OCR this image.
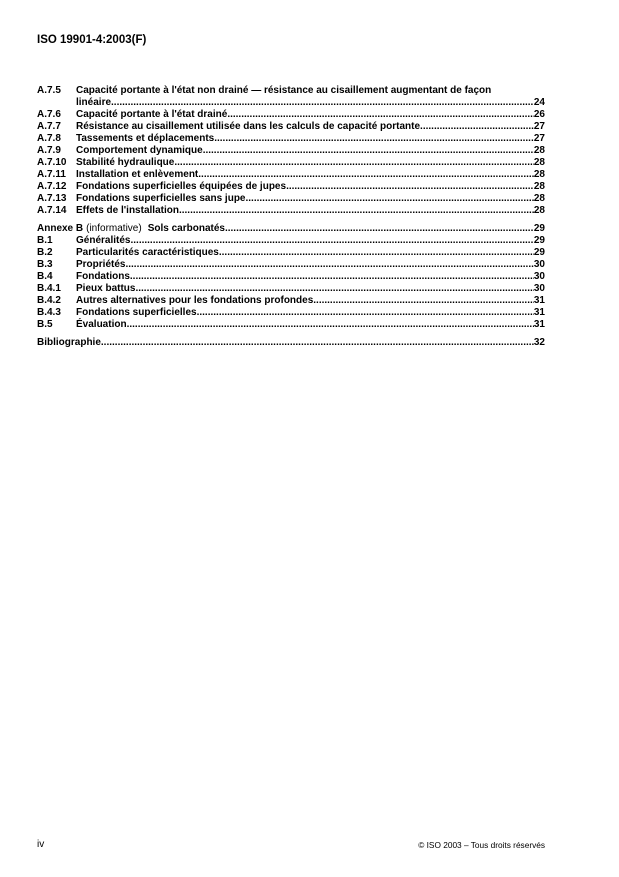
ISO 19901-4:2003(F)
A.7.5	Capacité portante à l'état non drainé — résistance au cisaillement augmentant de façon
linéaire .....	24
A.7.6	Capacité portante à l'état drainé .....	26
A.7.7	Résistance au cisaillement utilisée dans les calculs de capacité portante .....	27
A.7.8	Tassements et déplacements .....	27
A.7.9	Comportement dynamique .....	28
A.7.10 Stabilité hydraulique .....	28
A.7.11	Installation et enlèvement .....	28
A.7.12 Fondations superficielles équipées de jupes .....	28
A.7.13 Fondations superficielles sans jupe .....	28
A.7.14 Effets de l'installation .....	28
Annexe B (informative) Sols carbonatés .....	29
B.1	Généralités .....	29
B.2	Particularités caractéristiques .....	29
B.3	Propriétés .....	30
B.4	Fondations .....	30
B.4.1	Pieux battus .....	30
B.4.2	Autres alternatives pour les fondations profondes .....	31
B.4.3	Fondations superficielles .....	31
B.5	Évaluation .....	31
Bibliographie .....	32
iv	© ISO 2003 – Tous droits réservés
